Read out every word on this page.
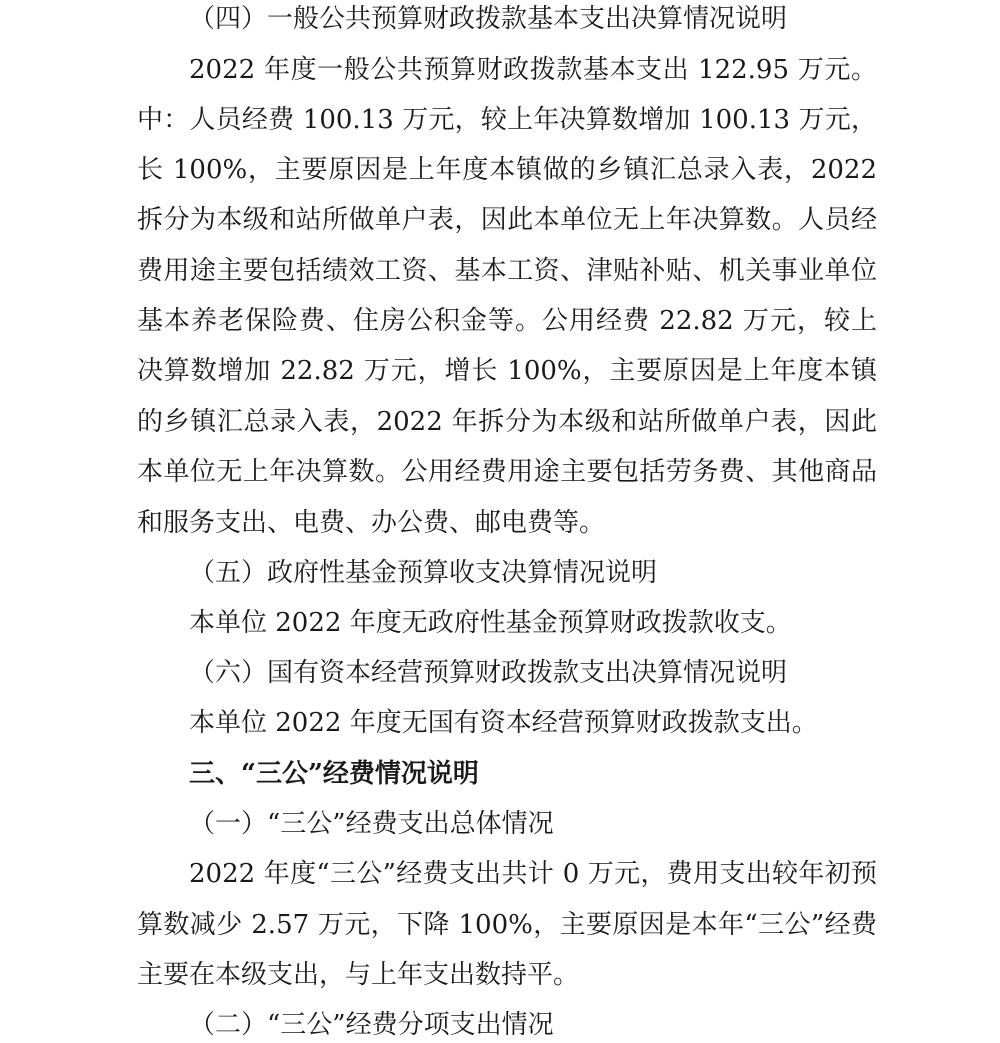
（四）一般公共预算财政拨款基本支出决算情况说明
2022 年度一般公共预算财政拨款基本支出 122.95 万元。
中：人员经费 100.13 万元，较上年决算数增加 100.13 万元，
长 100%，主要原因是上年度本镇做的乡镇汇总录入表，2022
拆分为本级和站所做单户表，因此本单位无上年决算数。人员经
费用途主要包括绩效工资、基本工资、津贴补贴、机关事业单位
基本养老保险费、住房公积金等。公用经费 22.82 万元，较上
决算数增加 22.82 万元，增长 100%，主要原因是上年度本镇
的乡镇汇总录入表，2022 年拆分为本级和站所做单户表，因此
本单位无上年决算数。公用经费用途主要包括劳务费、其他商品
和服务支出、电费、办公费、邮电费等。
（五）政府性基金预算收支决算情况说明
本单位 2022 年度无政府性基金预算财政拨款收支。
（六）国有资本经营预算财政拨款支出决算情况说明
本单位 2022 年度无国有资本经营预算财政拨款支出。
三、“三公”经费情况说明
（一）“三公”经费支出总体情况
2022 年度“三公”经费支出共计 0 万元，费用支出较年初预
算数减少 2.57 万元，下降 100%，主要原因是本年“三公”经费
主要在本级支出，与上年支出数持平。
（二）“三公”经费分项支出情况
